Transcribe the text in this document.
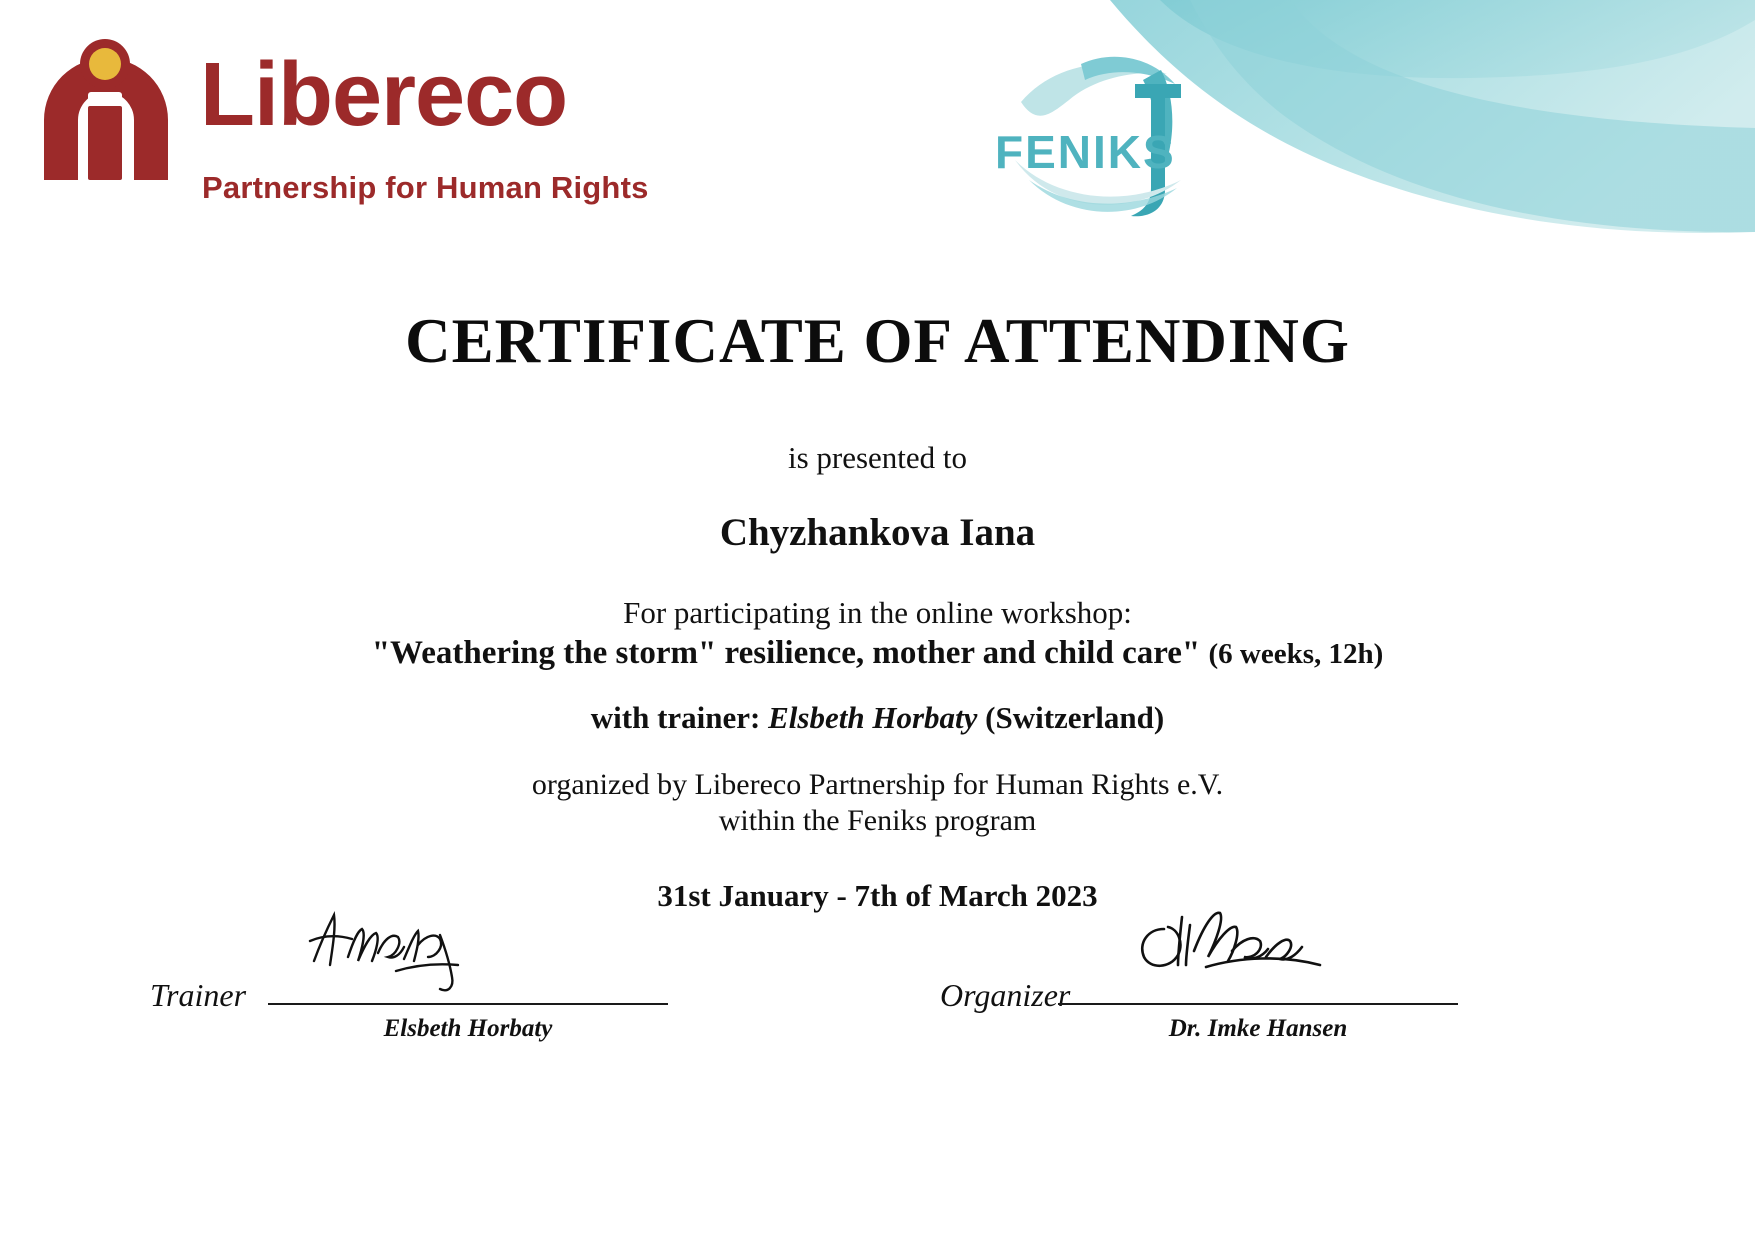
Libereco
Partnership for Human Rights
FENIKS
CERTIFICATE OF ATTENDING
is presented to
Chyzhankova Iana
For participating in the online workshop:
"Weathering the storm" resilience, mother and child care" (6 weeks, 12h)
with trainer: Elsbeth Horbaty (Switzerland)
organized by Libereco Partnership for Human Rights e.V.
within the Feniks program
31st January - 7th of March 2023
Trainer
Elsbeth Horbaty
Organizer
Dr. Imke Hansen
